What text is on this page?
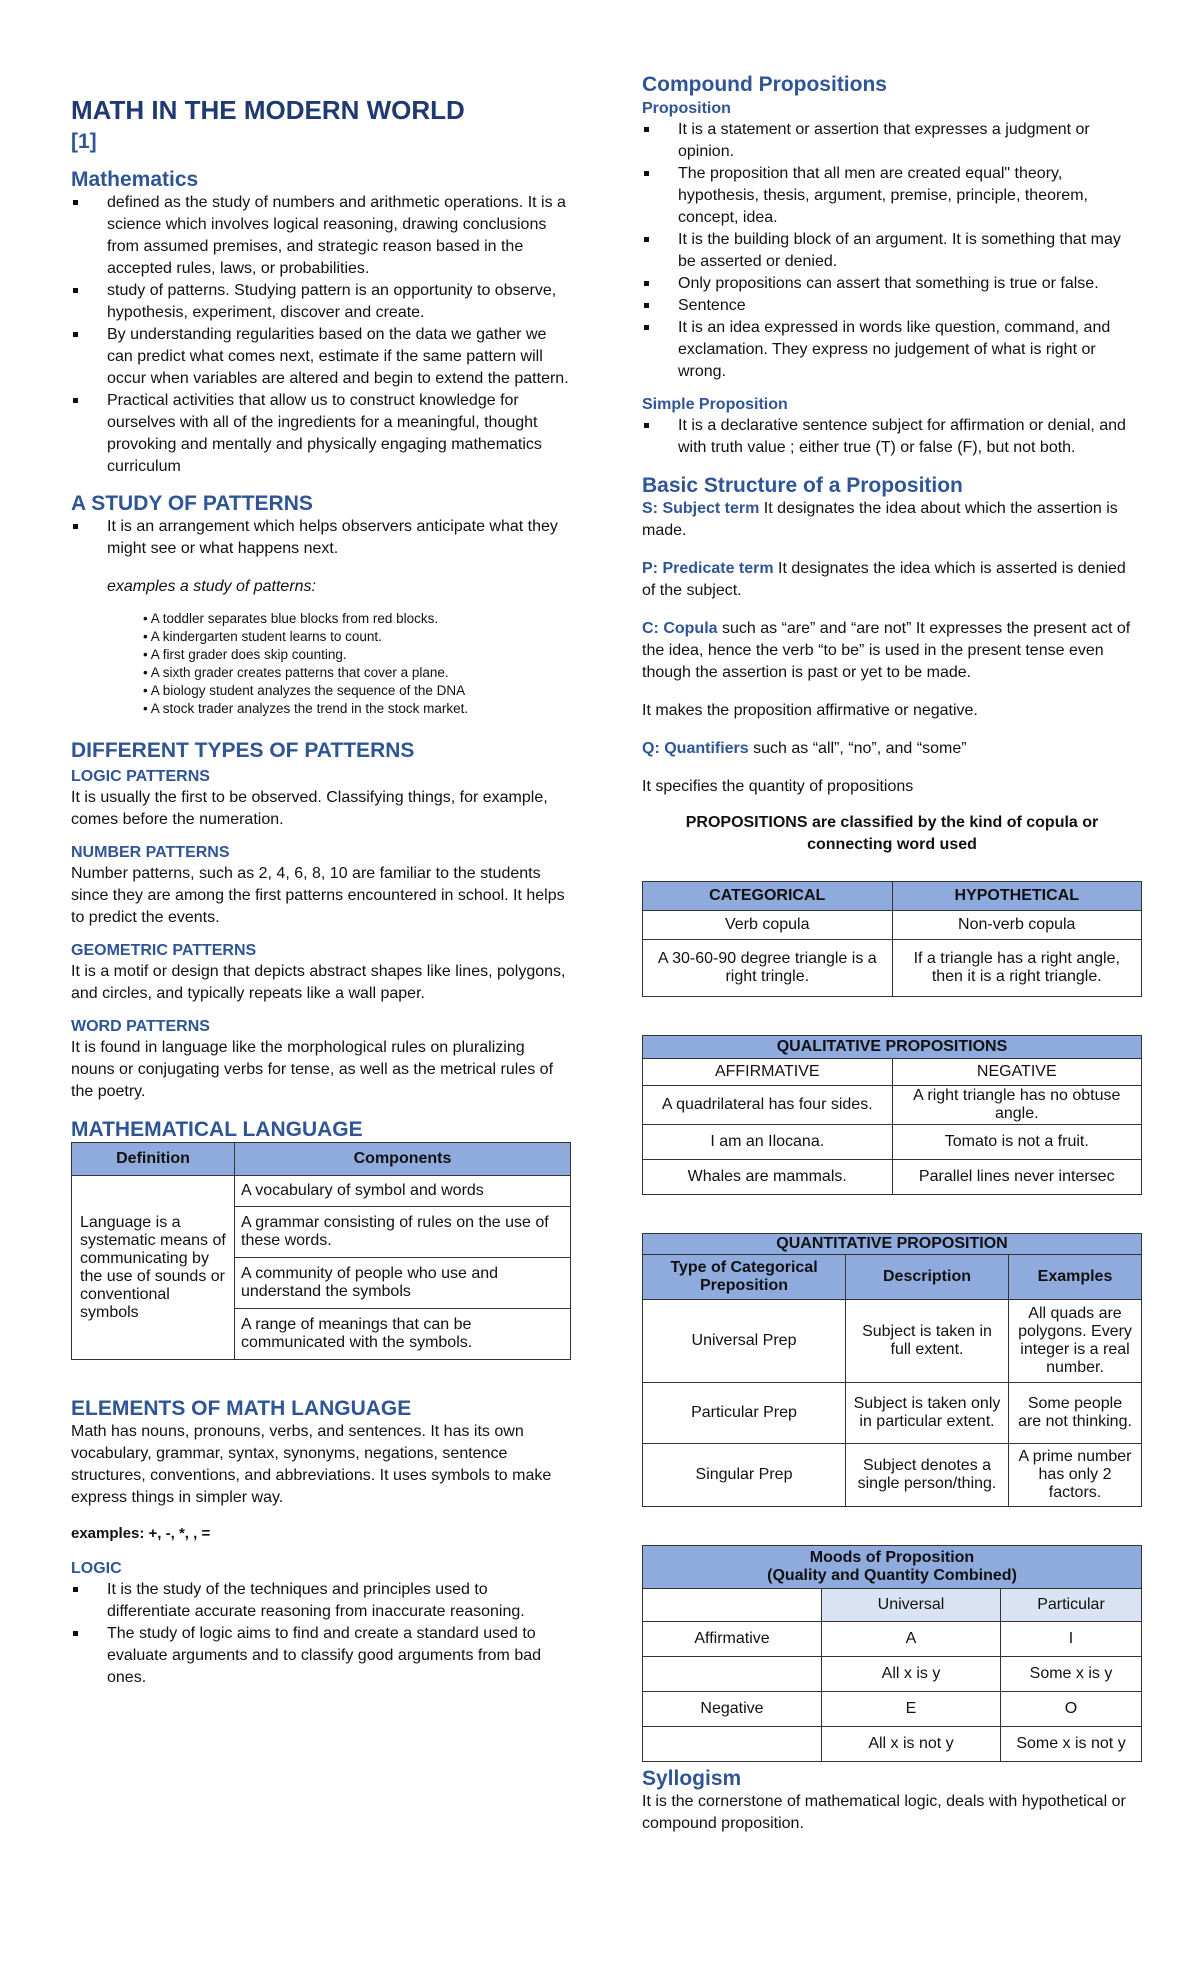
MATH IN THE MODERN WORLD
[1]
Mathematics
defined as the study of numbers and arithmetic operations. It is a science which involves logical reasoning, drawing conclusions from assumed premises, and strategic reason based in the accepted rules, laws, or probabilities.
study of patterns. Studying pattern is an opportunity to observe, hypothesis, experiment, discover and create.
By understanding regularities based on the data we gather we can predict what comes next, estimate if the same pattern will occur when variables are altered and begin to extend the pattern.
Practical activities that allow us to construct knowledge for ourselves with all of the ingredients for a meaningful, thought provoking and mentally and physically engaging mathematics curriculum
A STUDY OF PATTERNS
It is an arrangement which helps observers anticipate what they might see or what happens next.
examples a study of patterns:
• A toddler separates blue blocks from red blocks.
• A kindergarten student learns to count.
• A first grader does skip counting.
• A sixth grader creates patterns that cover a plane.
• A biology student analyzes the sequence of the DNA
• A stock trader analyzes the trend in the stock market.
DIFFERENT TYPES OF PATTERNS
LOGIC PATTERNS

It is usually the first to be observed. Classifying things, for example, comes before the numeration.

NUMBER PATTERNS

Number patterns, such as 2, 4, 6, 8, 10 are familiar to the students since they are among the first patterns encountered in school. It helps to predict the events.

GEOMETRIC PATTERNS

It is a motif or design that depicts abstract shapes like lines, polygons, and circles, and typically repeats like a wall paper.

WORD PATTERNS

It is found in language like the morphological rules on pluralizing nouns or conjugating verbs for tense, as well as the metrical rules of the poetry.

MATHEMATICAL LANGUAGE
Definition	Components
Language is a systematic means of communicating by the use of sounds or conventional symbols	A vocabulary of symbol and words
	A grammar consisting of rules on the use of these words.
	A community of people who use and understand the symbols
	A range of meanings that can be communicated with the symbols.
ELEMENTS OF MATH LANGUAGE

Math has nouns, pronouns, verbs, and sentences. It has its own vocabulary, grammar, syntax, synonyms, negations, sentence structures, conventions, and abbreviations. It uses symbols to make express things in simpler way.

examples: +, -, *, , =

LOGIC
It is the study of the techniques and principles used to differentiate accurate reasoning from inaccurate reasoning.
The study of logic aims to find and create a standard used to evaluate arguments and to classify good arguments from bad ones.
Compound Propositions
Proposition
It is a statement or assertion that expresses a judgment or opinion.
The proposition that all men are created equal" theory, hypothesis, thesis, argument, premise, principle, theorem, concept, idea.
It is the building block of an argument. It is something that may be asserted or denied.
Only propositions can assert that something is true or false.
Sentence
It is an idea expressed in words like question, command, and exclamation. They express no judgement of what is right or wrong.
Simple Proposition
It is a declarative sentence subject for affirmation or denial, and with truth value ; either true (T) or false (F), but not both.
Basic Structure of a Proposition

S: Subject term It designates the idea about which the assertion is made.

P: Predicate term It designates the idea which is asserted is denied of the subject.

C: Copula such as “are” and “are not” It expresses the present act of the idea, hence the verb “to be” is used in the present tense even though the assertion is past or yet to be made.

It makes the proposition affirmative or negative.

Q: Quantifiers such as “all”, “no”, and “some”

It specifies the quantity of propositions

PROPOSITIONS are classified by the kind of copula or connecting word used

CATEGORICAL	HYPOTHETICAL
Verb copula	Non-verb copula
A 30-60-90 degree triangle is a right tringle.	If a triangle has a right angle, then it is a right triangle.
QUALITATIVE PROPOSITIONS	
AFFIRMATIVE	NEGATIVE
A quadrilateral has four sides.	A right triangle has no obtuse angle.
I am an Ilocana.	Tomato is not a fruit.
Whales are mammals.	Parallel lines never intersec
QUANTITATIVE PROPOSITION		
Type of Categorical Preposition	Description	Examples
Universal Prep	Subject is taken in full extent.	All quads are polygons. Every integer is a real number.
Particular Prep	Subject is taken only in particular extent.	Some people are not thinking.
Singular Prep	Subject denotes a single person/thing.	A prime number has only 2 factors.
Moods of Proposition
(Quality and Quantity Combined)		

	Universal	Particular
Affirmative	A	I
	All x is y	Some x is y
Negative	E	O
	All x is not y	Some x is not y
Syllogism

It is the cornerstone of mathematical logic, deals with hypothetical or compound proposition.
